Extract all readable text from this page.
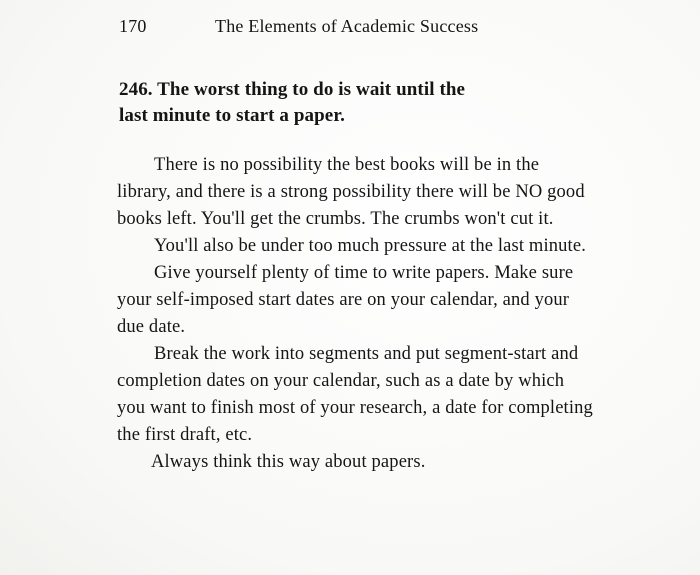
170	The Elements of Academic Success
246. The worst thing to do is wait until the
last minute to start a paper.

There is no possibility the best books will be in the library, and there is a strong possibility there will be NO good books left. You'll get the crumbs. The crumbs won't cut it.

You'll also be under too much pressure at the last minute.

Give yourself plenty of time to write papers. Make sure your self-imposed start dates are on your calendar, and your due date.

Break the work into segments and put segment-start and completion dates on your calendar, such as a date by which you want to finish most of your research, a date for completing the first draft, etc.

Always think this way about papers.
